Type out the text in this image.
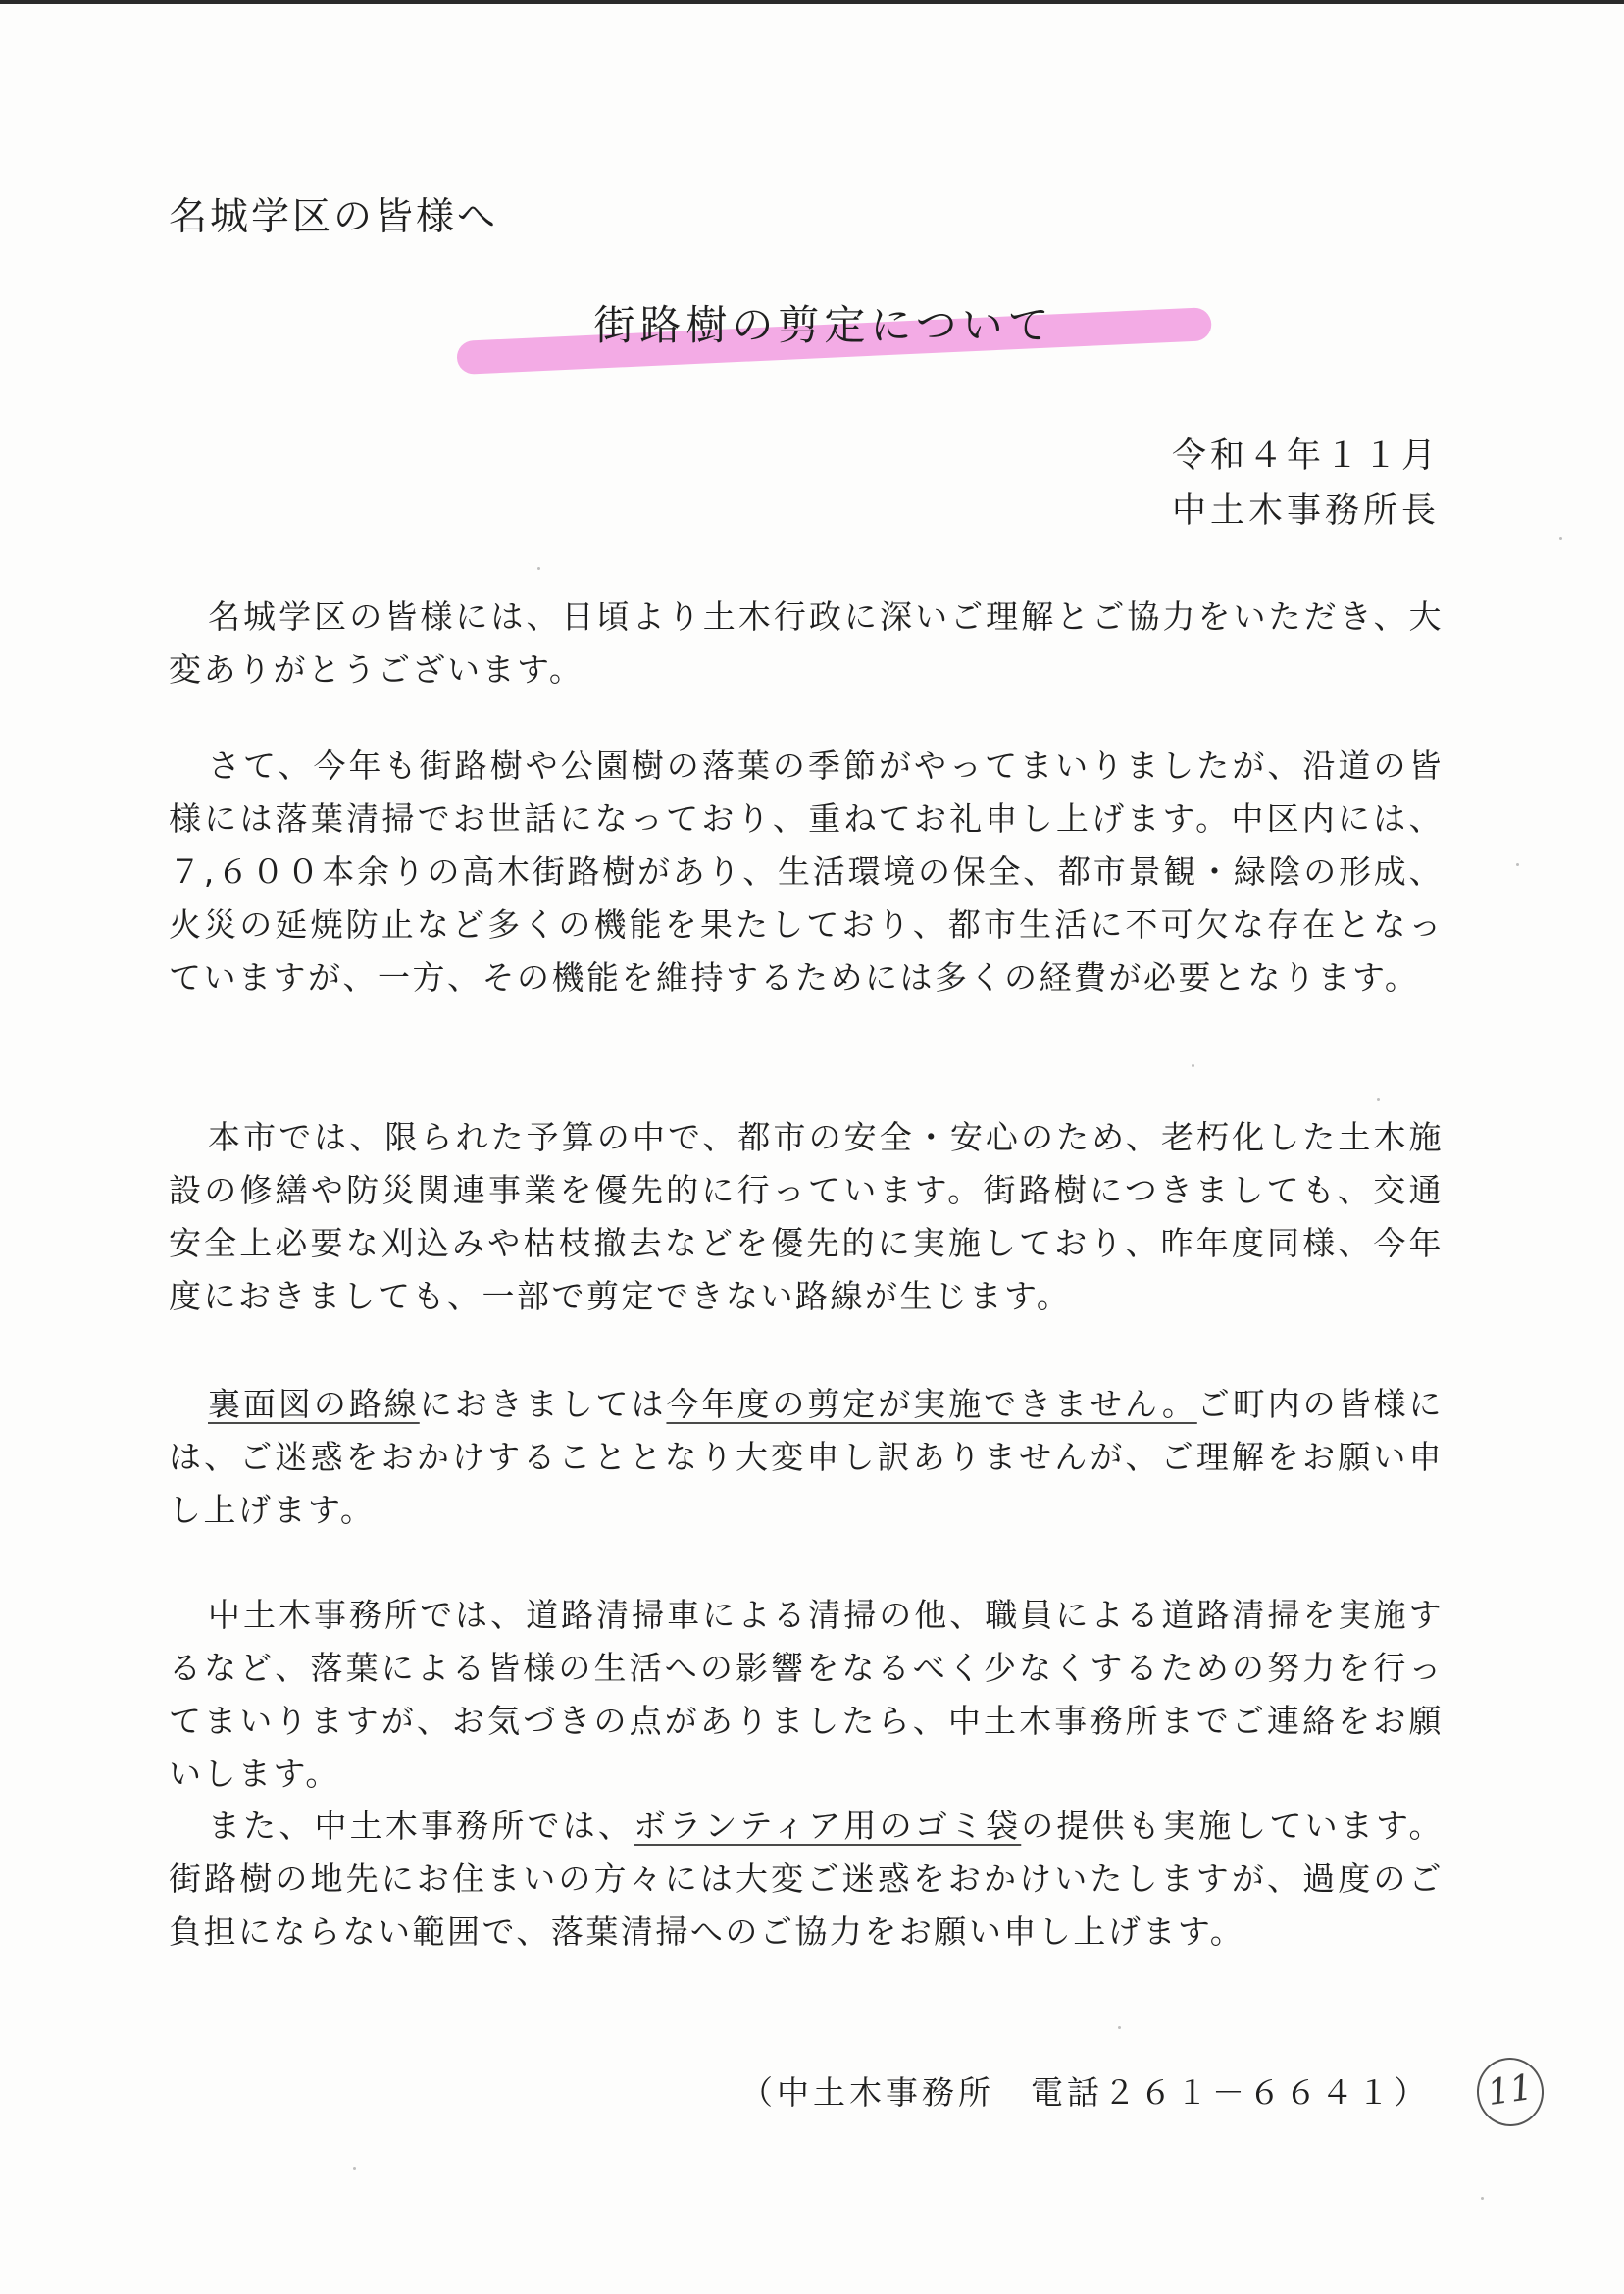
名城学区の皆様へ
街路樹の剪定について
令和４年１１月
中土木事務所長

名城学区の皆様には、日頃より土木行政に深いご理解とご協力をいただき、大変ありがとうございます。

さて、今年も街路樹や公園樹の落葉の季節がやってまいりましたが、沿道の皆様には落葉清掃でお世話になっており、重ねてお礼申し上げます。中区内には、７,６００本余りの高木街路樹があり、生活環境の保全、都市景観・緑陰の形成、火災の延焼防止など多くの機能を果たしており、都市生活に不可欠な存在となっていますが、一方、その機能を維持するためには多くの経費が必要となります。

本市では、限られた予算の中で、都市の安全・安心のため、老朽化した土木施設の修繕や防災関連事業を優先的に行っています。街路樹につきましても、交通安全上必要な刈込みや枯枝撤去などを優先的に実施しており、昨年度同様、今年度におきましても、一部で剪定できない路線が生じます。

裏面図の路線におきましては今年度の剪定が実施できません。ご町内の皆様には、ご迷惑をおかけすることとなり大変申し訳ありませんが、ご理解をお願い申し上げます。

中土木事務所では、道路清掃車による清掃の他、職員による道路清掃を実施するなど、落葉による皆様の生活への影響をなるべく少なくするための努力を行ってまいりますが、お気づきの点がありましたら、中土木事務所までご連絡をお願いします。

また、中土木事務所では、ボランティア用のゴミ袋の提供も実施しています。街路樹の地先にお住まいの方々には大変ご迷惑をおかけいたしますが、過度のご負担にならない範囲で、落葉清掃へのご協力をお願い申し上げます。

（中土木事務所　電話２６１－６６４１）	11
